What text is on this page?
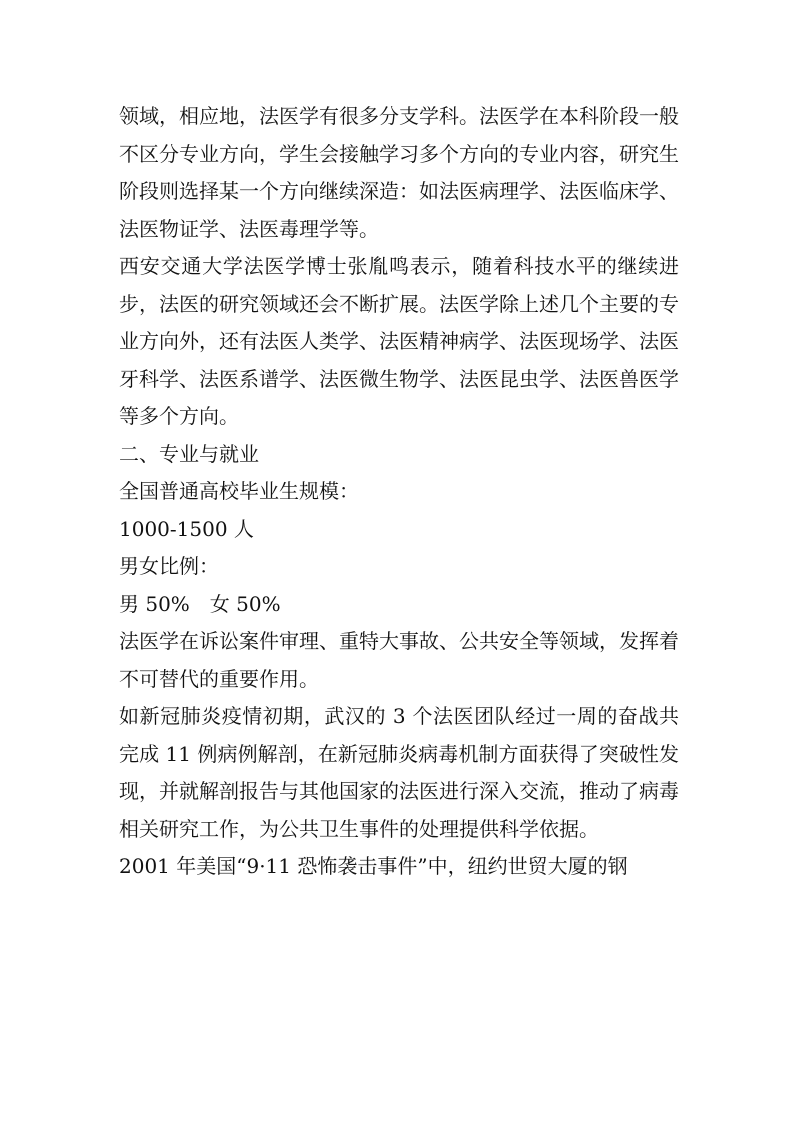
领域，相应地，法医学有很多分支学科。法医学在本科阶段一般不区分专业方向，学生会接触学习多个方向的专业内容，研究生阶段则选择某一个方向继续深造：如法医病理学、法医临床学、法医物证学、法医毒理学等。

西安交通大学法医学博士张胤鸣表示，随着科技水平的继续进步，法医的研究领域还会不断扩展。法医学除上述几个主要的专业方向外，还有法医人类学、法医精神病学、法医现场学、法医牙科学、法医系谱学、法医微生物学、法医昆虫学、法医兽医学等多个方向。

二、专业与就业

全国普通高校毕业生规模：

1000-1500 人

男女比例：

男 50%　女 50%

法医学在诉讼案件审理、重特大事故、公共安全等领域，发挥着不可替代的重要作用。

如新冠肺炎疫情初期，武汉的 3 个法医团队经过一周的奋战共完成 11 例病例解剖，在新冠肺炎病毒机制方面获得了突破性发现，并就解剖报告与其他国家的法医进行深入交流，推动了病毒相关研究工作，为公共卫生事件的处理提供科学依据。

2001 年美国“9·11 恐怖袭击事件”中，纽约世贸大厦的钢
